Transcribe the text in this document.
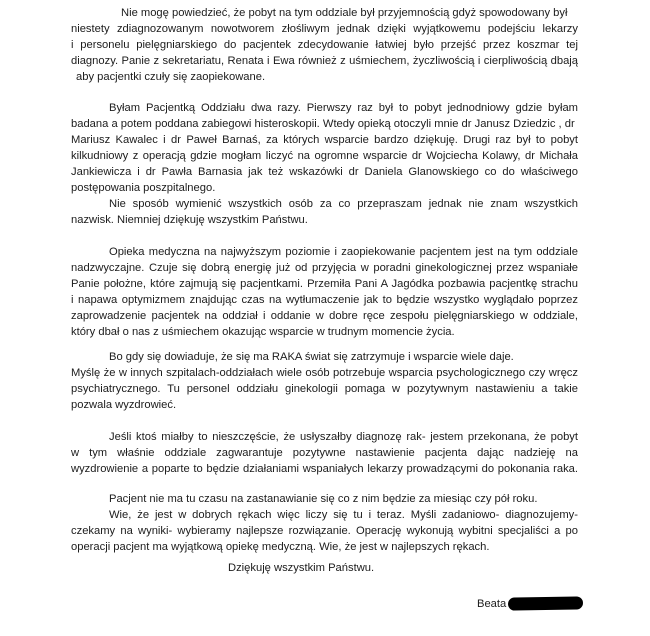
Nie mogę powiedzieć, że pobyt na tym oddziale był przyjemnością gdyż spowodowany był
niestety zdiagnozowanym nowotworem złośliwym jednak dzięki wyjątkowemu podejściu lekarzy
i personelu pielęgniarskiego do pacjentek zdecydowanie łatwiej było przejść przez koszmar tej
diagnozy. Panie z sekretariatu, Renata i Ewa również z uśmiechem, życzliwością i cierpliwością dbają
aby pacjentki czuły się zaopiekowane.
Byłam Pacjentką Oddziału dwa razy. Pierwszy raz był to pobyt jednodniowy gdzie byłam
badana a potem poddana zabiegowi histeroskopii. Wtedy opieką otoczyli mnie dr Janusz Dziedzic , dr
Mariusz Kawalec i dr Paweł Barnaś, za których wsparcie bardzo dziękuję. Drugi raz był to pobyt
kilkudniowy z operacją gdzie mogłam liczyć na ogromne wsparcie dr Wojciecha Kolawy, dr Michała
Jankiewicza i dr Pawła Barnasia jak też wskazówki dr Daniela Glanowskiego co do właściwego
postępowania poszpitalnego.
Nie sposób wymienić wszystkich osób za co przepraszam jednak nie znam wszystkich
nazwisk. Niemniej dziękuję wszystkim Państwu.
Opieka medyczna na najwyższym poziomie i zaopiekowanie pacjentem jest na tym oddziale
nadzwyczajne. Czuje się dobrą energię już od przyjęcia w poradni ginekologicznej przez wspaniałe
Panie położne, które zajmują się pacjentkami. Przemiła Pani A Jagódka pozbawia pacjentkę strachu
i napawa optymizmem znajdując czas na wytłumaczenie jak to będzie wszystko wyglądało poprzez
zaprowadzenie pacjentek na oddział i oddanie w dobre ręce zespołu pielęgniarskiego w oddziale,
który dbał o nas z uśmiechem okazując wsparcie w trudnym momencie życia.
Bo gdy się dowiaduje, że się ma RAKA świat się zatrzymuje i wsparcie wiele daje.
Myślę że w innych szpitalach-oddziałach wiele osób potrzebuje wsparcia psychologicznego czy wręcz
psychiatrycznego. Tu personel oddziału ginekologii pomaga w pozytywnym nastawieniu a takie
pozwala wyzdrowieć.
Jeśli ktoś miałby to nieszczęście, że usłyszałby diagnozę rak- jestem przekonana, że pobyt
w tym właśnie oddziale zagwarantuje pozytywne nastawienie pacjenta dając nadzieję na
wyzdrowienie a poparte to będzie działaniami wspaniałych lekarzy prowadzącymi do pokonania raka.
Pacjent nie ma tu czasu na zastanawianie się co z nim będzie za miesiąc czy pół roku.
Wie, że jest w dobrych rękach więc liczy się tu i teraz. Myśli zadaniowo- diagnozujemy-
czekamy na wyniki- wybieramy najlepsze rozwiązanie. Operację wykonują wybitni specjaliści a po
operacji pacjent ma wyjątkową opiekę medyczną. Wie, że jest w najlepszych rękach.
Dziękuję wszystkim Państwu.
Beata
